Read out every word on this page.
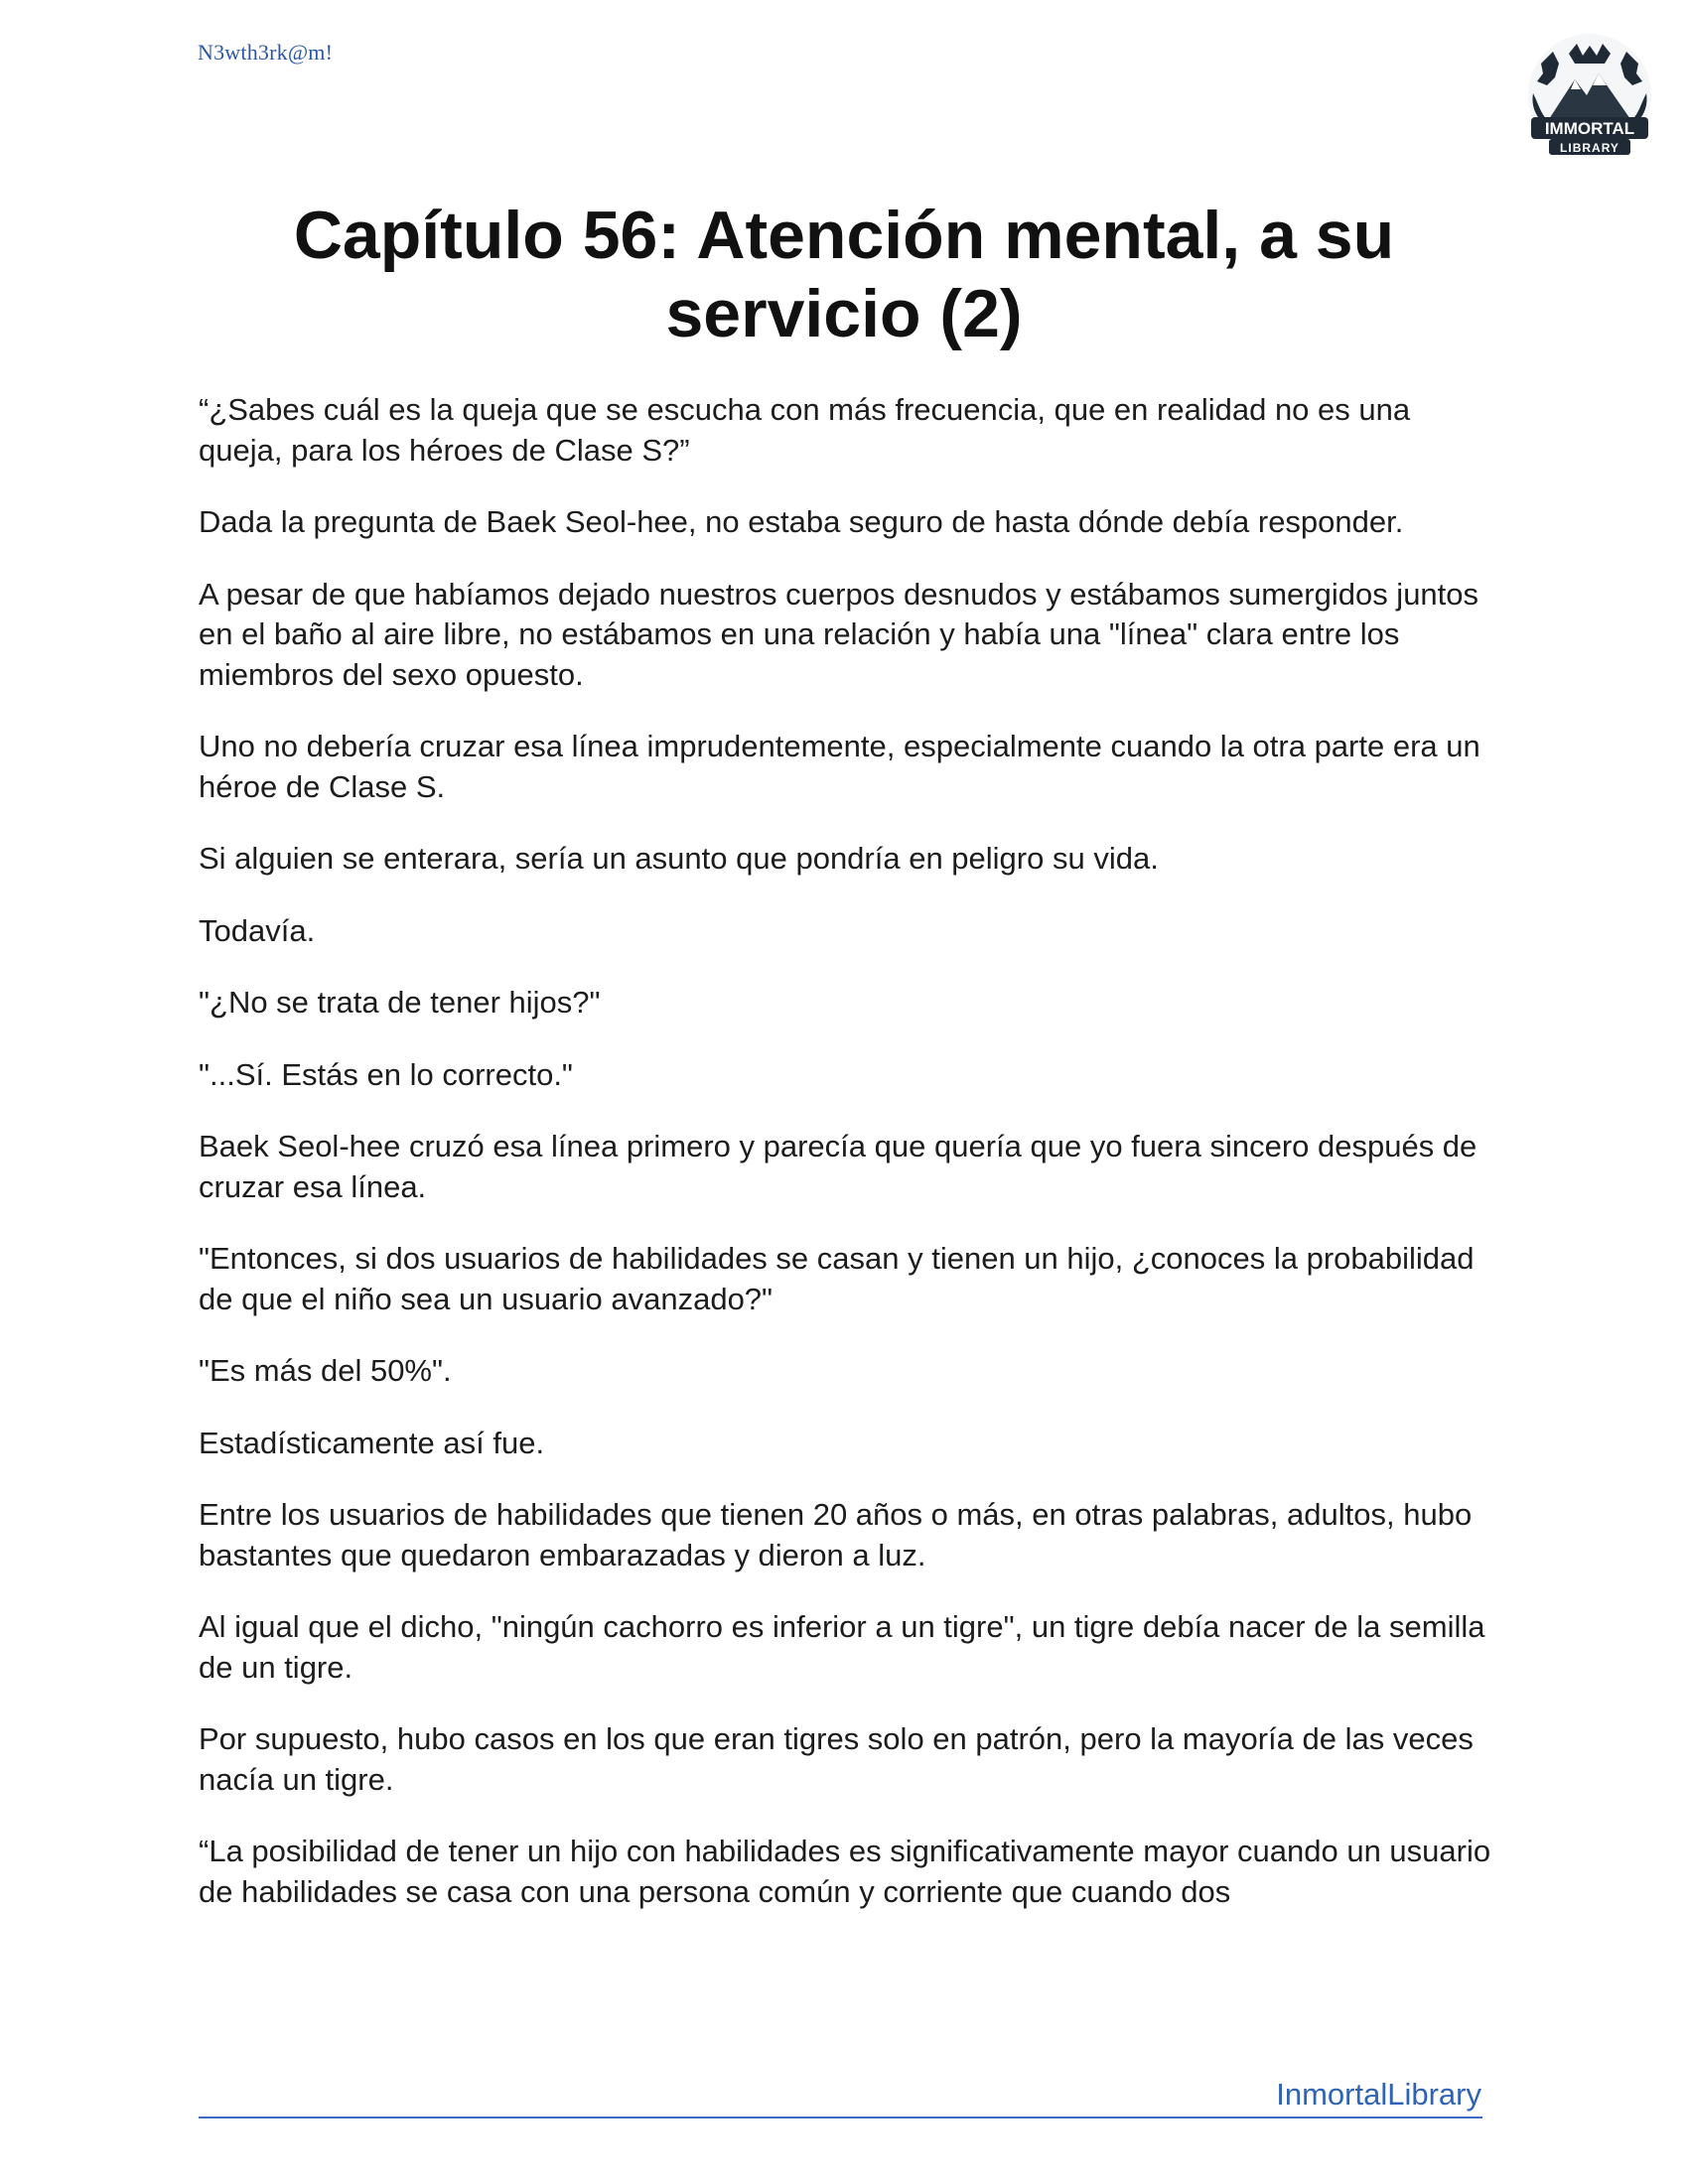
N3wth3rk@m!
IMMORTAL
LIBRARY
Capítulo 56: Atención mental, a su servicio (2)

“¿Sabes cuál es la queja que se escucha con más frecuencia, que en realidad no es una queja, para los héroes de Clase S?”

Dada la pregunta de Baek Seol-hee, no estaba seguro de hasta dónde debía responder.

A pesar de que habíamos dejado nuestros cuerpos desnudos y estábamos sumergidos juntos en el baño al aire libre, no estábamos en una relación y había una "línea" clara entre los miembros del sexo opuesto.

Uno no debería cruzar esa línea imprudentemente, especialmente cuando la otra parte era un héroe de Clase S.

Si alguien se enterara, sería un asunto que pondría en peligro su vida.

Todavía.

"¿No se trata de tener hijos?"

"...Sí. Estás en lo correcto."

Baek Seol-hee cruzó esa línea primero y parecía que quería que yo fuera sincero después de cruzar esa línea.

"Entonces, si dos usuarios de habilidades se casan y tienen un hijo, ¿conoces la probabilidad de que el niño sea un usuario avanzado?"

"Es más del 50%".

Estadísticamente así fue.

Entre los usuarios de habilidades que tienen 20 años o más, en otras palabras, adultos, hubo bastantes que quedaron embarazadas y dieron a luz.

Al igual que el dicho, "ningún cachorro es inferior a un tigre", un tigre debía nacer de la semilla de un tigre.

Por supuesto, hubo casos en los que eran tigres solo en patrón, pero la mayoría de las veces nacía un tigre.

“La posibilidad de tener un hijo con habilidades es significativamente mayor cuando un usuario de habilidades se casa con una persona común y corriente que cuando dos

InmortalLibrary
